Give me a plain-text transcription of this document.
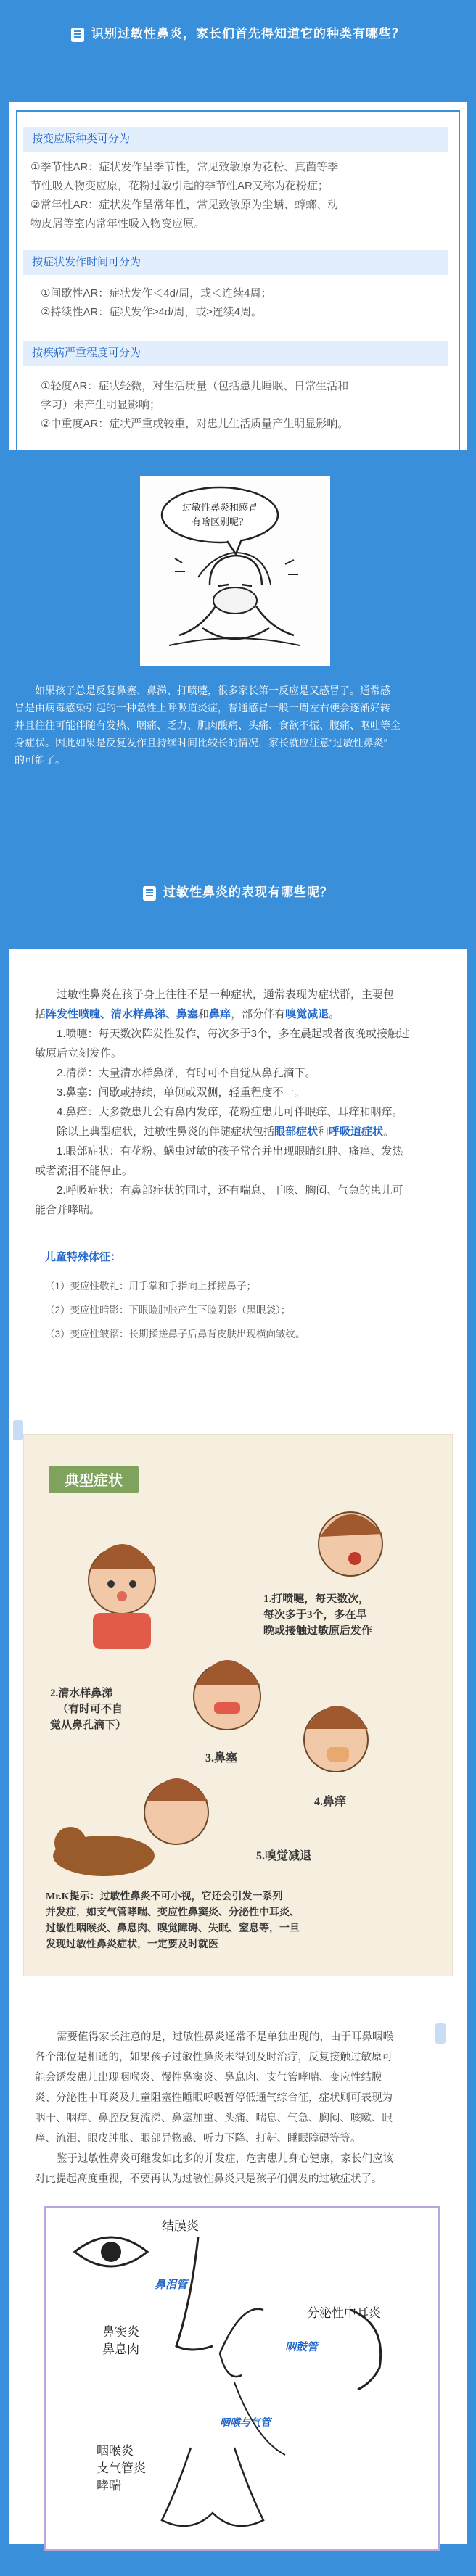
识别过敏性鼻炎，家长们首先得知道它的种类有哪些？
按变应原种类可分为
①季节性AR：症状发作呈季节性，常见致敏原为花粉、真菌等季
节性吸入物变应原，花粉过敏引起的季节性AR又称为花粉症；
②常年性AR：症状发作呈常年性，常见致敏原为尘螨、蟑螂、动
物皮屑等室内常年性吸入物变应原。
按症状发作时间可分为
①间歇性AR：症状发作＜4d/周，或＜连续4周；
②持续性AR：症状发作≥4d/周，或≥连续4周。
按疾病严重程度可分为
①轻度AR：症状轻微，对生活质量（包括患儿睡眠、日常生活和
学习）未产生明显影响；
②中重度AR：症状严重或较重，对患儿生活质量产生明显影响。
过敏性鼻炎和感冒
有啥区别呢？
如果孩子总是反复鼻塞、鼻涕、打喷嚏，很多家长第一反应是又感冒了。通常感
冒是由病毒感染引起的一种急性上呼吸道炎症，普通感冒一般一周左右便会逐渐好转
并且往往可能伴随有发热、咽痛、乏力、肌肉酸痛、头痛、食欲不振、腹痛、呕吐等全
身症状。因此如果是反复发作且持续时间比较长的情况，家长就应注意“过敏性鼻炎”
的可能了。
过敏性鼻炎的表现有哪些呢？
过敏性鼻炎在孩子身上往往不是一种症状，通常表现为症状群，主要包
括阵发性喷嚏、清水样鼻涕、鼻塞和鼻痒，部分伴有嗅觉减退。
1.喷嚏：每天数次阵发性发作，每次多于3个，多在晨起或者夜晚或接触过
敏原后立刻发作。
2.清涕：大量清水样鼻涕，有时可不自觉从鼻孔滴下。
3.鼻塞：间歇或持续，单侧或双侧，轻重程度不一。
4.鼻痒：大多数患儿会有鼻内发痒，花粉症患儿可伴眼痒、耳痒和咽痒。
除以上典型症状，过敏性鼻炎的伴随症状包括眼部症状和呼吸道症状。
1.眼部症状：有花粉、螨虫过敏的孩子常合并出现眼睛红肿、瘙痒、发热
或者流泪不能停止。
2.呼吸症状：有鼻部症状的同时，还有喘息、干咳、胸闷、气急的患儿可
能合并哮喘。
儿童特殊体征：
（1）变应性敬礼：用手掌和手指向上揉搓鼻子；
（2）变应性暗影：下眼睑肿胀产生下睑阴影（黑眼袋）；
（3）变应性皱褶：长期揉搓鼻子后鼻背皮肤出现横向皱纹。
典型症状
1.打喷嚏，每天数次，
每次多于3个，多在早
晚或接触过敏原后发作
2.清水样鼻涕
（有时可不自
觉从鼻孔滴下）
3.鼻塞
4.鼻痒
5.嗅觉减退
Mr.K提示：过敏性鼻炎不可小视，它还会引发一系列
并发症，如支气管哮喘、变应性鼻窦炎、分泌性中耳炎、
过敏性咽喉炎、鼻息肉、嗅觉障碍、失眠、窒息等，一旦
发现过敏性鼻炎症状，一定要及时就医
需要值得家长注意的是，过敏性鼻炎通常不是单独出现的，由于耳鼻咽喉
各个部位是相通的，如果孩子过敏性鼻炎未得到及时治疗，反复接触过敏原可
能会诱发患儿出现咽喉炎、慢性鼻窦炎、鼻息肉、支气管哮喘、变应性结膜
炎、分泌性中耳炎及儿童阻塞性睡眠呼吸暂停低通气综合征，症状则可表现为
咽干、咽痒、鼻腔反复流涕、鼻塞加重、头痛、喘息、气急、胸闷、咳嗽、眼
痒、流泪、眼皮肿胀、眼部异物感、听力下降、打鼾、睡眠障碍等等。
鉴于过敏性鼻炎可继发如此多的并发症，危害患儿身心健康，家长们应该
对此提起高度重视，不要再认为过敏性鼻炎只是孩子们偶发的过敏症状了。
结膜炎
鼻窦炎
鼻息肉
分泌性中耳炎
咽喉炎
支气管炎
哮喘
鼻泪管
咽鼓管
咽喉与气管
